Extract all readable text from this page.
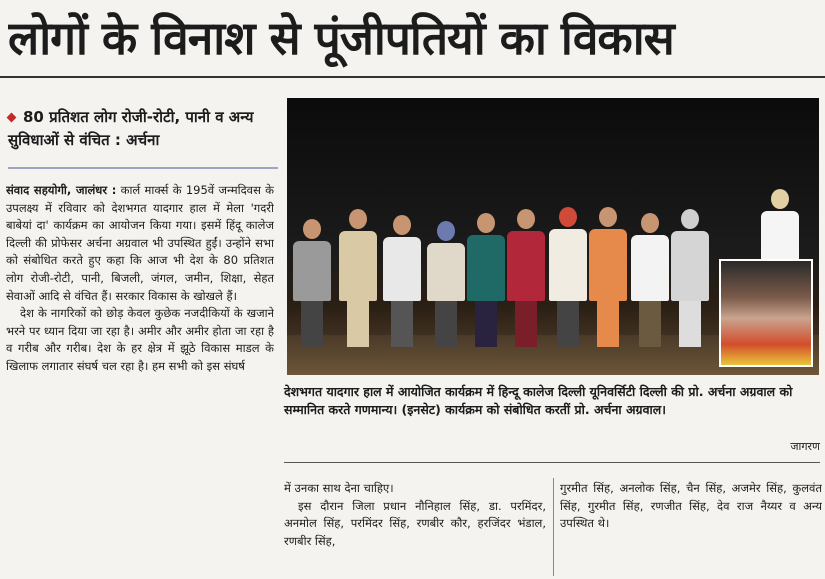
लोगों के विनाश से पूंजीपतियों का विकास
80 प्रतिशत लोग रोजी-रोटी, पानी व अन्य सुविधाओं से वंचित : अर्चना

संवाद सहयोगी, जालंधर : कार्ल मार्क्स के 195वें जन्मदिवस के उपलक्ष्य में रविवार को देशभगत यादगार हाल में मेला 'गदरी बाबेयां दा' कार्यक्रम का आयोजन किया गया। इसमें हिंदू कालेज दिल्ली की प्रोफेसर अर्चना अग्रवाल भी उपस्थित हुईं। उन्होंने सभा को संबोधित करते हुए कहा कि आज भी देश के 80 प्रतिशत लोग रोजी-रोटी, पानी, बिजली, जंगल, जमीन, शिक्षा, सेहत सेवाओं आदि से वंचित हैं। सरकार विकास के खोखले हैं।

देश के नागरिकों को छोड़ केवल कुछेक नजदीकियों के खजाने भरने पर ध्यान दिया जा रहा है। अमीर और अमीर होता जा रहा है व गरीब और गरीब। देश के हर क्षेत्र में झूठे विकास माडल के खिलाफ लगातार संघर्ष चल रहा है। हम सभी को इस संघर्ष

देशभगत यादगार हाल में आयोजित कार्यक्रम में हिन्दू कालेज दिल्ली यूनिवर्सिटी दिल्ली की प्रो. अर्चना अग्रवाल को सम्मानित करते गणमान्य। (इनसेट) कार्यक्रम को संबोधित करतीं प्रो. अर्चना अग्रवाल।
जागरण

में उनका साथ देना चाहिए।

इस दौरान जिला प्रधान नौनिहाल सिंह, डा. परमिंदर, अनमोल सिंह, परमिंदर सिंह, रणबीर कौर, हरजिंदर भंडाल, रणबीर सिंह,

गुरमीत सिंह, अनलोक सिंह, चैन सिंह, अजमेर सिंह, कुलवंत सिंह, गुरमीत सिंह, रणजीत सिंह, देव राज नैय्यर व अन्य उपस्थित थे।
